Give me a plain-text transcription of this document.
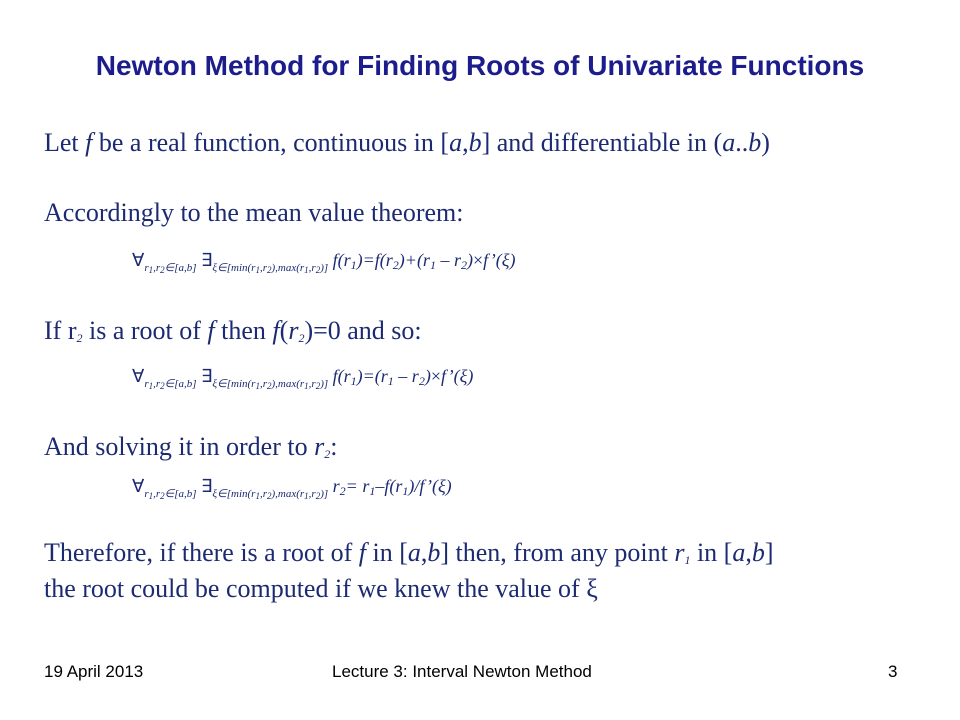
Newton Method for Finding Roots of Univariate Functions
Let f be a real function, continuous in [a,b] and differentiable in (a..b)
Accordingly to the mean value theorem:
$\forall_{r1,r2\in[a,b]}$ $\exists_{\xi\in[min(r1,r2),max(r1,r2)]}$ $f(r_1)=f(r_2)+(r_1$ – $r_2)\times f’(\xi)$
If $r_2$ is a root of f then $f(r_2)=0$ and so:
$\forall_{r1,r2\in[a,b]}$ $\exists_{\xi\in[min(r1,r2),max(r1,r2)]}$ $f(r_1)=(r_1$ – $r_2)\times f’(\xi)$
And solving it in order to $r_2$:
$\forall_{r1,r2\in[a,b]}$ $\exists_{\xi\in[min(r1,r2),max(r1,r2)]}$ $r_2=$ $r_1-f(r_1)/f’(\xi)$
Therefore, if there is a root of f in [a,b] then, from any point $r_1$ in [a,b]
the root could be computed if we knew the value of ξ
19 April 2013	Lecture 3: Interval Newton Method	3
